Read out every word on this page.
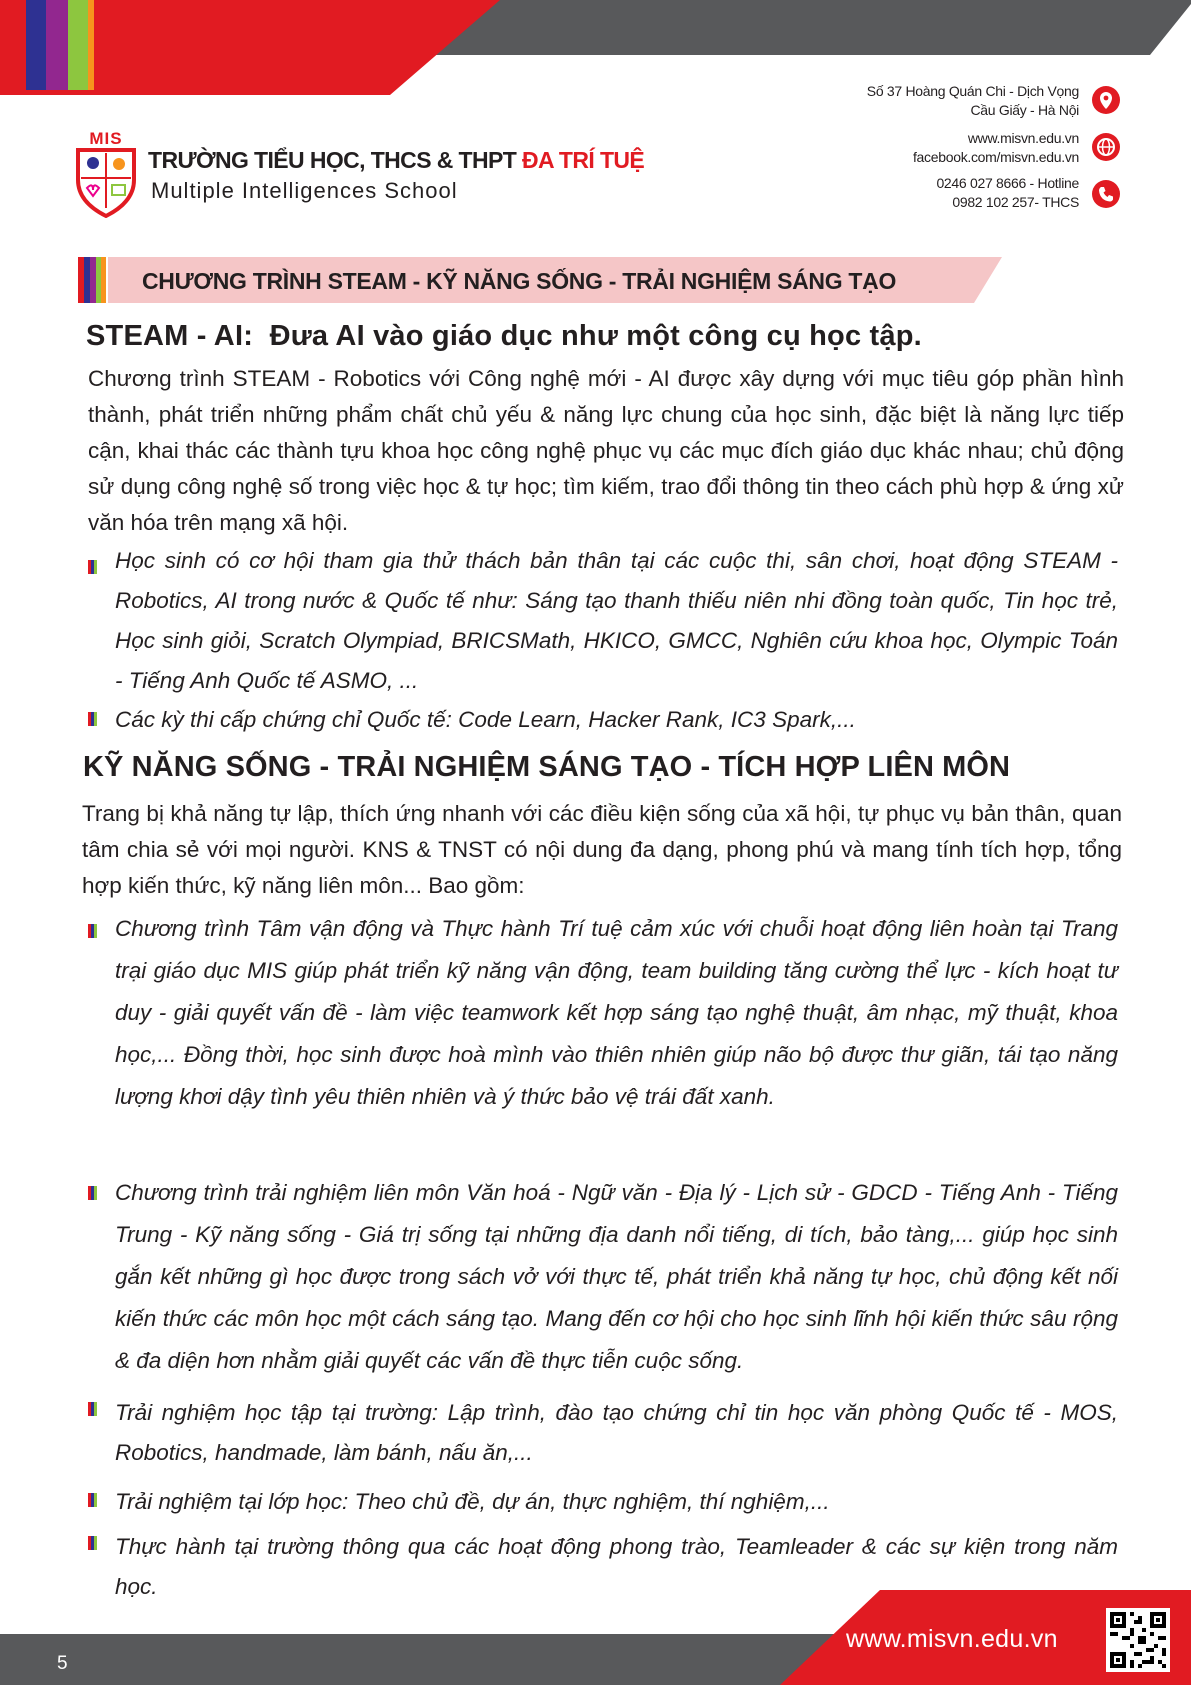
MIS
TRƯỜNG TIỂU HỌC, THCS & THPT ĐA TRÍ TUỆ
Multiple Intelligences School
Số 37 Hoàng Quán Chi - Dịch Vọng
Cầu Giấy - Hà Nội
www.misvn.edu.vn
facebook.com/misvn.edu.vn
0246 027 8666 - Hotline
0982 102 257- THCS
CHƯƠNG TRÌNH STEAM - KỸ NĂNG SỐNG - TRẢI NGHIỆM SÁNG TẠO
STEAM - AI: Đưa AI vào giáo dục như một công cụ học tập.

Chương trình STEAM - Robotics với Công nghệ mới - AI được xây dựng với mục tiêu góp phần hình thành, phát triển những phẩm chất chủ yếu & năng lực chung của học sinh, đặc biệt là năng lực tiếp cận, khai thác các thành tựu khoa học công nghệ phục vụ các mục đích giáo dục khác nhau; chủ động sử dụng công nghệ số trong việc học & tự học; tìm kiếm, trao đổi thông tin theo cách phù hợp & ứng xử văn hóa trên mạng xã hội.

Học sinh có cơ hội tham gia thử thách bản thân tại các cuộc thi, sân chơi, hoạt động STEAM - Robotics, AI trong nước & Quốc tế như: Sáng tạo thanh thiếu niên nhi đồng toàn quốc, Tin học trẻ, Học sinh giỏi, Scratch Olympiad, BRICSMath, HKICO, GMCC, Nghiên cứu khoa học, Olympic Toán - Tiếng Anh Quốc tế ASMO, ...

Các kỳ thi cấp chứng chỉ Quốc tế: Code Learn, Hacker Rank, IC3 Spark,...

KỸ NĂNG SỐNG - TRẢI NGHIỆM SÁNG TẠO - TÍCH HỢP LIÊN MÔN

Trang bị khả năng tự lập, thích ứng nhanh với các điều kiện sống của xã hội, tự phục vụ bản thân, quan tâm chia sẻ với mọi người. KNS & TNST có nội dung đa dạng, phong phú và mang tính tích hợp, tổng hợp kiến thức, kỹ năng liên môn... Bao gồm:

Chương trình Tâm vận động và Thực hành Trí tuệ cảm xúc với chuỗi hoạt động liên hoàn tại Trang trại giáo dục MIS giúp phát triển kỹ năng vận động, team building tăng cường thể lực - kích hoạt tư duy - giải quyết vấn đề - làm việc teamwork kết hợp sáng tạo nghệ thuật, âm nhạc, mỹ thuật, khoa học,... Đồng thời, học sinh được hoà mình vào thiên nhiên giúp não bộ được thư giãn, tái tạo năng lượng khơi dậy tình yêu thiên nhiên và ý thức bảo vệ trái đất xanh.

Chương trình trải nghiệm liên môn Văn hoá - Ngữ văn - Địa lý - Lịch sử - GDCD - Tiếng Anh - Tiếng Trung - Kỹ năng sống - Giá trị sống tại những địa danh nổi tiếng, di tích, bảo tàng,... giúp học sinh gắn kết những gì học được trong sách vở với thực tế, phát triển khả năng tự học, chủ động kết nối kiến thức các môn học một cách sáng tạo. Mang đến cơ hội cho học sinh lĩnh hội kiến thức sâu rộng & đa diện hơn nhằm giải quyết các vấn đề thực tiễn cuộc sống.

Trải nghiệm học tập tại trường: Lập trình, đào tạo chứng chỉ tin học văn phòng Quốc tế - MOS, Robotics, handmade, làm bánh, nấu ăn,...

Trải nghiệm tại lớp học: Theo chủ đề, dự án, thực nghiệm, thí nghiệm,...

Thực hành tại trường thông qua các hoạt động phong trào, Teamleader & các sự kiện trong năm học.

www.misvn.edu.vn
5
